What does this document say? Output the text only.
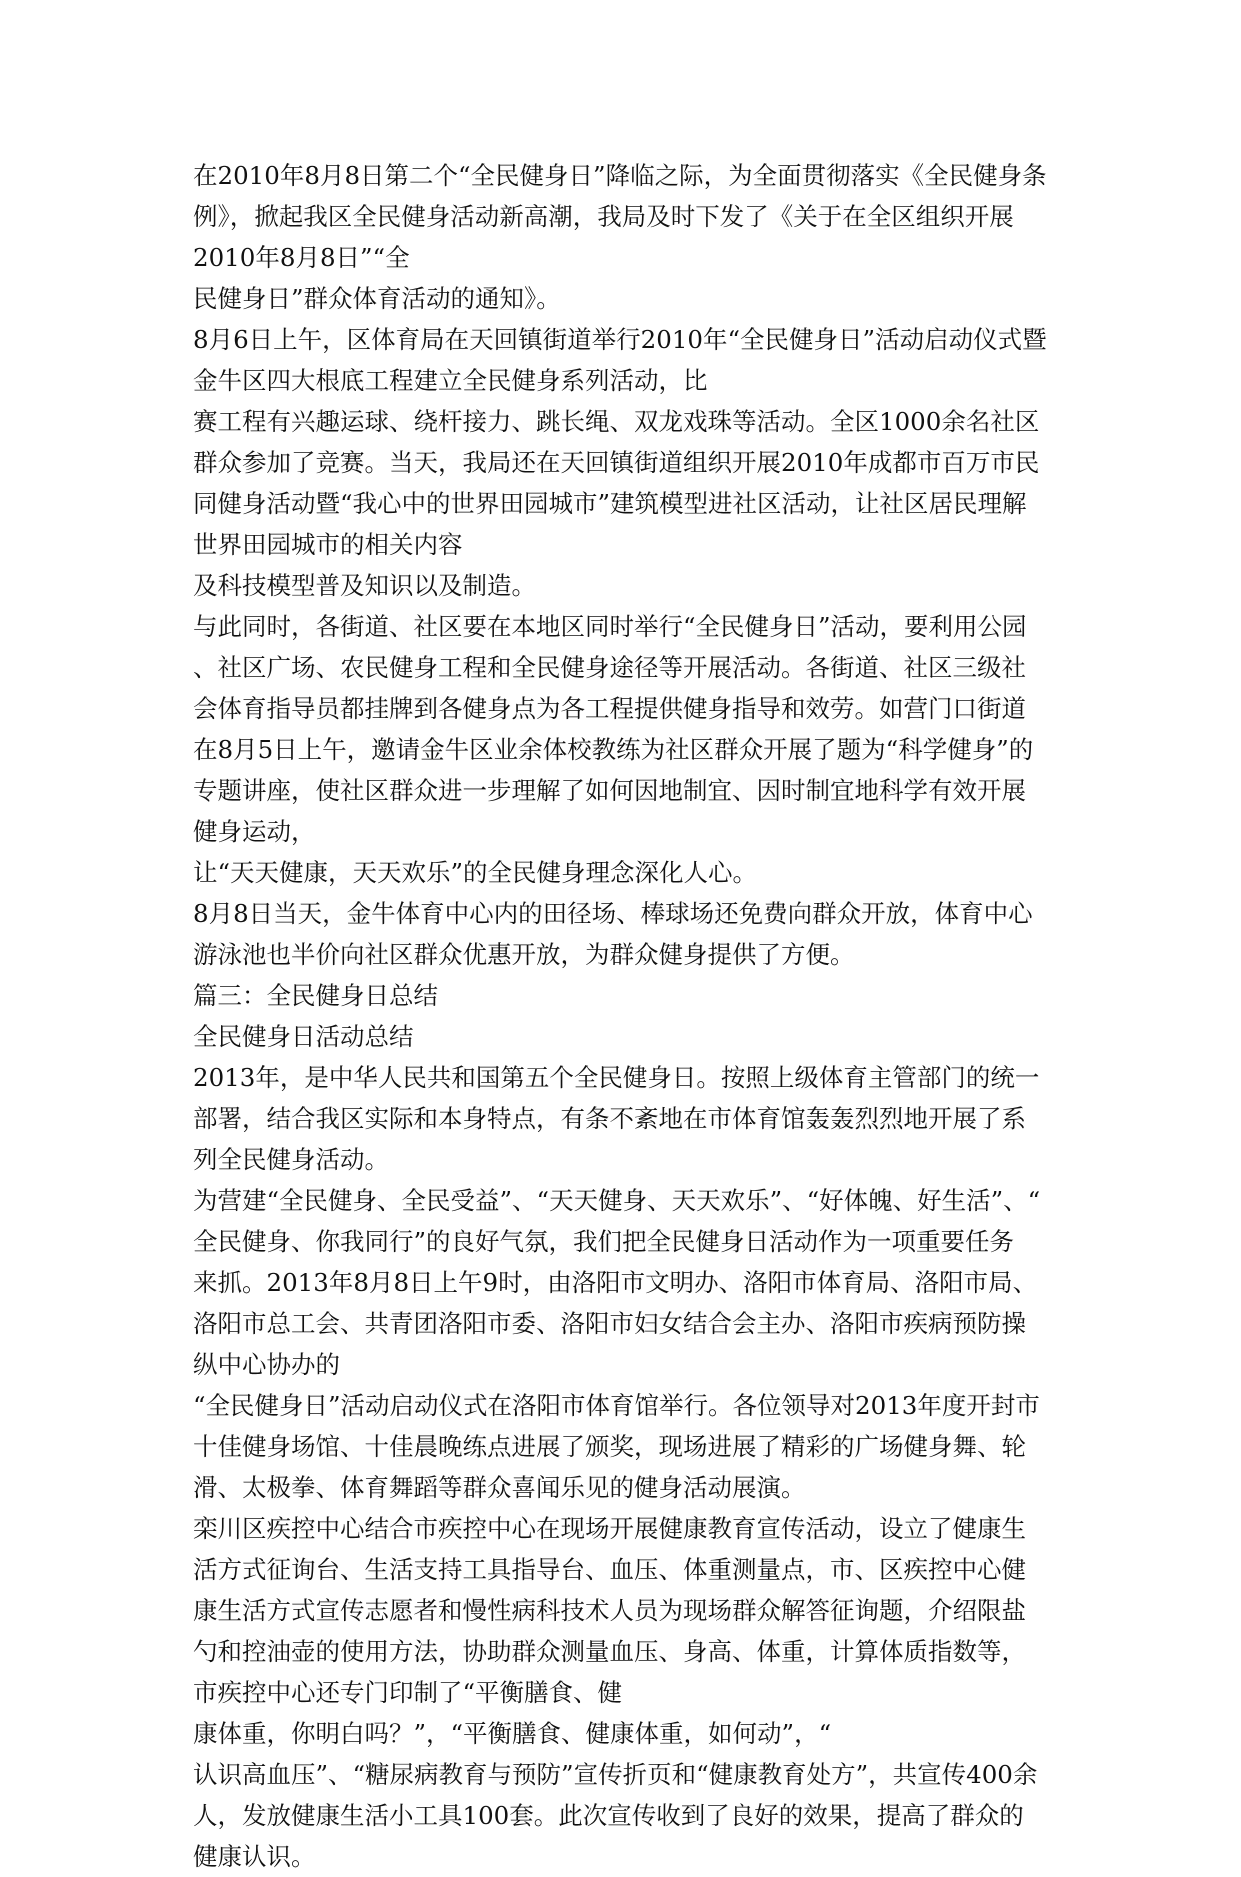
在2010年8月8日第二个“全民健身日”降临之际，为全面贯彻落实《全民健身条
例》，掀起我区全民健身活动新高潮，我局及时下发了《关于在全区组织开展
2010年8月8日”“全
民健身日”群众体育活动的通知》。
8月6日上午，区体育局在天回镇街道举行2010年“全民健身日”活动启动仪式暨
金牛区四大根底工程建立全民健身系列活动，比
赛工程有兴趣运球、绕杆接力、跳长绳、双龙戏珠等活动。全区1000余名社区
群众参加了竞赛。当天，我局还在天回镇街道组织开展2010年成都市百万市民
同健身活动暨“我心中的世界田园城市”建筑模型进社区活动，让社区居民理解
世界田园城市的相关内容
及科技模型普及知识以及制造。
与此同时，各街道、社区要在本地区同时举行“全民健身日”活动，要利用公园
、社区广场、农民健身工程和全民健身途径等开展活动。各街道、社区三级社
会体育指导员都挂牌到各健身点为各工程提供健身指导和效劳。如营门口街道
在8月5日上午，邀请金牛区业余体校教练为社区群众开展了题为“科学健身”的
专题讲座，使社区群众进一步理解了如何因地制宜、因时制宜地科学有效开展
健身运动，
让“天天健康，天天欢乐”的全民健身理念深化人心。
8月8日当天，金牛体育中心内的田径场、棒球场还免费向群众开放，体育中心
游泳池也半价向社区群众优惠开放，为群众健身提供了方便。
篇三：全民健身日总结
全民健身日活动总结
2013年，是中华人民共和国第五个全民健身日。按照上级体育主管部门的统一
部署，结合我区实际和本身特点，有条不紊地在市体育馆轰轰烈烈地开展了系
列全民健身活动。
为营建“全民健身、全民受益”、“天天健身、天天欢乐”、“好体魄、好生活”、“
全民健身、你我同行”的良好气氛，我们把全民健身日活动作为一项重要任务
来抓。2013年8月8日上午9时，由洛阳市文明办、洛阳市体育局、洛阳市局、
洛阳市总工会、共青团洛阳市委、洛阳市妇女结合会主办、洛阳市疾病预防操
纵中心协办的
“全民健身日”活动启动仪式在洛阳市体育馆举行。各位领导对2013年度开封市
十佳健身场馆、十佳晨晚练点进展了颁奖，现场进展了精彩的广场健身舞、轮
滑、太极拳、体育舞蹈等群众喜闻乐见的健身活动展演。
栾川区疾控中心结合市疾控中心在现场开展健康教育宣传活动，设立了健康生
活方式征询台、生活支持工具指导台、血压、体重测量点，市、区疾控中心健
康生活方式宣传志愿者和慢性病科技术人员为现场群众解答征询题，介绍限盐
勺和控油壶的使用方法，协助群众测量血压、身高、体重，计算体质指数等，
市疾控中心还专门印制了“平衡膳食、健
康体重，你明白吗？”，“平衡膳食、健康体重，如何动”，“
认识高血压”、“糖尿病教育与预防”宣传折页和“健康教育处方”，共宣传400余
人，发放健康生活小工具100套。此次宣传收到了良好的效果，提高了群众的
健康认识。
